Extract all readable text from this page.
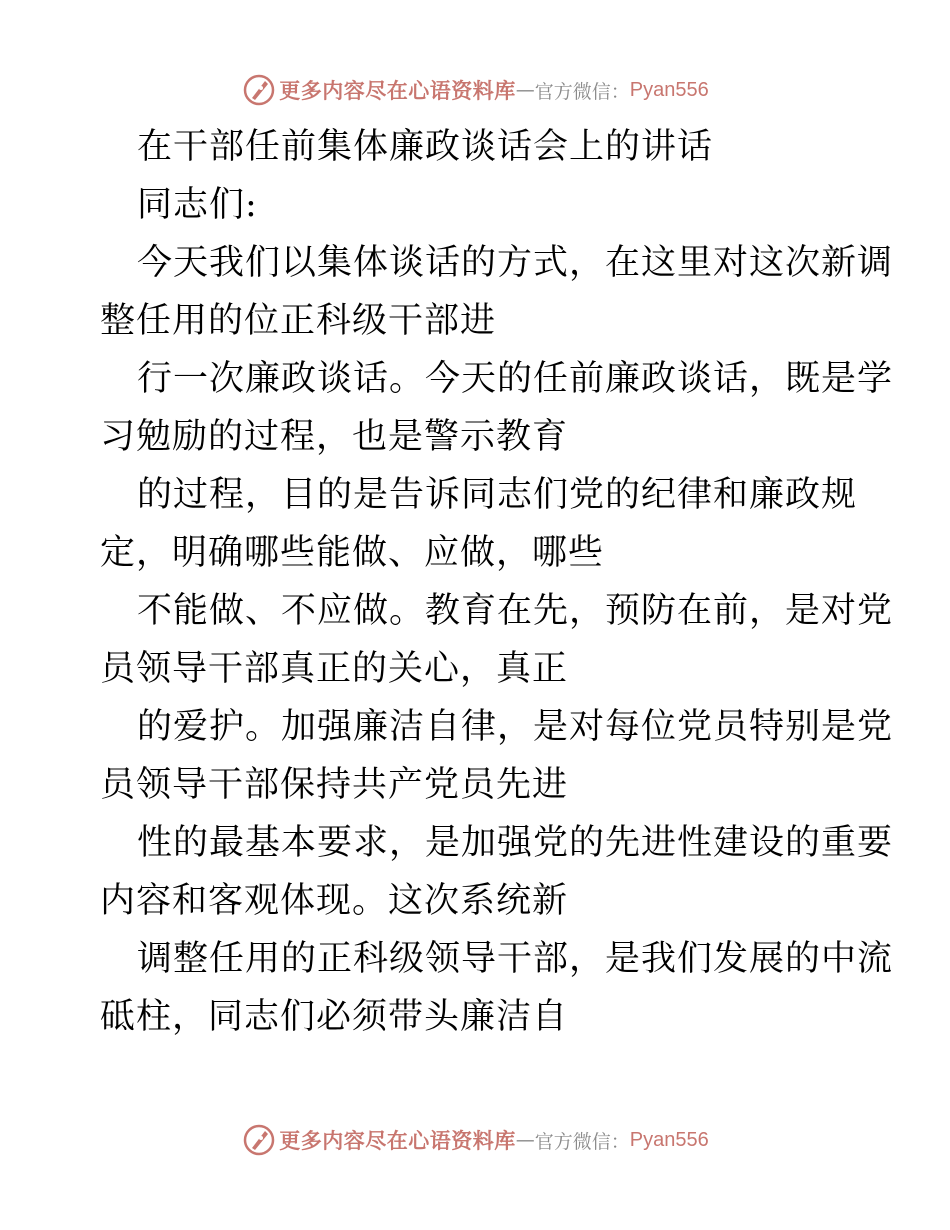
更多内容尽在心语资料库 — 官方微信： Pyan556

在干部任前集体廉政谈话会上的讲话

同志们:

今天我们以集体谈话的方式，在这里对这次新调

整任用的位正科级干部进

行一次廉政谈话。今天的任前廉政谈话，既是学

习勉励的过程，也是警示教育

的过程，目的是告诉同志们党的纪律和廉政规

定，明确哪些能做、应做，哪些

不能做、不应做。教育在先，预防在前，是对党

员领导干部真正的关心，真正

的爱护。加强廉洁自律，是对每位党员特别是党

员领导干部保持共产党员先进

性的最基本要求，是加强党的先进性建设的重要

内容和客观体现。这次系统新

调整任用的正科级领导干部，是我们发展的中流

砥柱，同志们必须带头廉洁自

更多内容尽在心语资料库 — 官方微信： Pyan556
